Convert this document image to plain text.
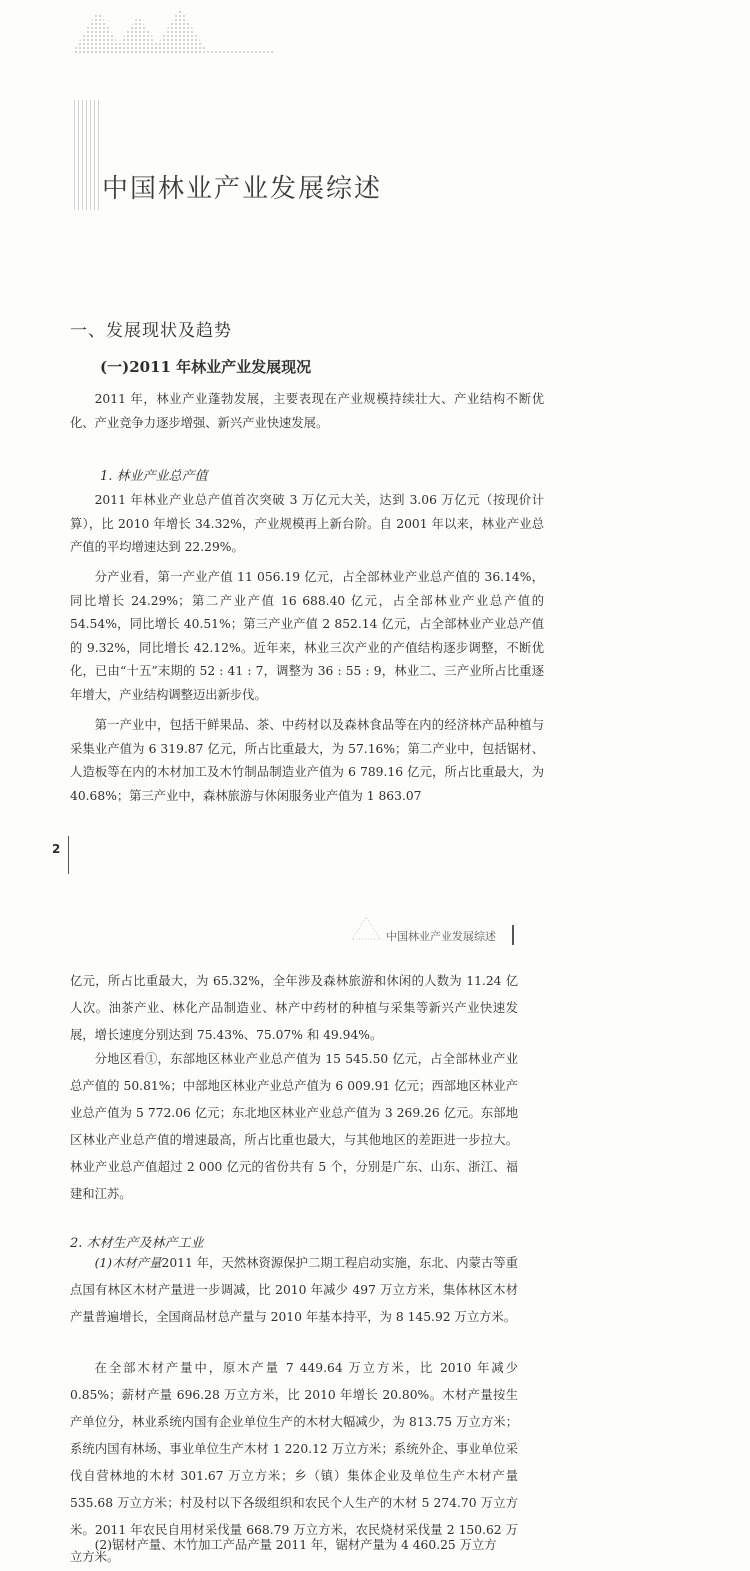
中国林业产业发展综述
一、发展现状及趋势
(一)2011 年林业产业发展现况

2011 年，林业产业蓬勃发展，主要表现在产业规模持续壮大、产业结构不断优化、产业竞争力逐步增强、新兴产业快速发展。

1. 林业产业总产值

2011 年林业产业总产值首次突破 3 万亿元大关，达到 3.06 万亿元（按现价计算），比 2010 年增长 34.32%，产业规模再上新台阶。自 2001 年以来，林业产业总产值的平均增速达到 22.29%。

分产业看，第一产业产值 11 056.19 亿元，占全部林业产业总产值的 36.14%，同比增长 24.29%；第二产业产值 16 688.40 亿元，占全部林业产业总产值的 54.54%，同比增长 40.51%；第三产业产值 2 852.14 亿元，占全部林业产业总产值的 9.32%，同比增长 42.12%。近年来，林业三次产业的产值结构逐步调整，不断优化，已由“十五”末期的 52 : 41 : 7，调整为 36 : 55 : 9，林业二、三产业所占比重逐年增大，产业结构调整迈出新步伐。

第一产业中，包括干鲜果品、茶、中药材以及森林食品等在内的经济林产品种植与采集业产值为 6 319.87 亿元，所占比重最大，为 57.16%；第二产业中，包括锯材、人造板等在内的木材加工及木竹制品制造业产值为 6 789.16 亿元，所占比重最大，为 40.68%；第三产业中，森林旅游与休闲服务业产值为 1 863.07

2
中国林业产业发展综述

亿元，所占比重最大，为 65.32%，全年涉及森林旅游和休闲的人数为 11.24 亿人次。油茶产业、林化产品制造业、林产中药材的种植与采集等新兴产业快速发展，增长速度分别达到 75.43%、75.07% 和 49.94%。

分地区看①，东部地区林业产业总产值为 15 545.50 亿元，占全部林业产业总产值的 50.81%；中部地区林业产业总产值为 6 009.91 亿元；西部地区林业产业总产值为 5 772.06 亿元；东北地区林业产业总产值为 3 269.26 亿元。东部地区林业产业总产值的增速最高，所占比重也最大，与其他地区的差距进一步拉大。林业产业总产值超过 2 000 亿元的省份共有 5 个，分别是广东、山东、浙江、福建和江苏。

2. 木材生产及林产工业

(1)木材产量2011 年，天然林资源保护二期工程启动实施，东北、内蒙古等重点国有林区木材产量进一步调减，比 2010 年减少 497 万立方米，集体林区木材产量普遍增长，全国商品材总产量与 2010 年基本持平，为 8 145.92 万立方米。

在全部木材产量中，原木产量 7 449.64 万立方米，比 2010 年减少 0.85%；薪材产量 696.28 万立方米，比 2010 年增长 20.80%。木材产量按生产单位分，林业系统内国有企业单位生产的木材大幅减少，为 813.75 万立方米；系统内国有林场、事业单位生产木材 1 220.12 万立方米；系统外企、事业单位采伐自营林地的木材 301.67 万立方米；乡（镇）集体企业及单位生产木材产量 535.68 万立方米；村及村以下各级组织和农民个人生产的木材 5 274.70 万立方米。2011 年农民自用材采伐量 668.79 万立方米，农民烧材采伐量 2 150.62 万立方米。

(2)锯材产量、木竹加工产品产量 2011 年，锯材产量为 4 460.25 万立方
